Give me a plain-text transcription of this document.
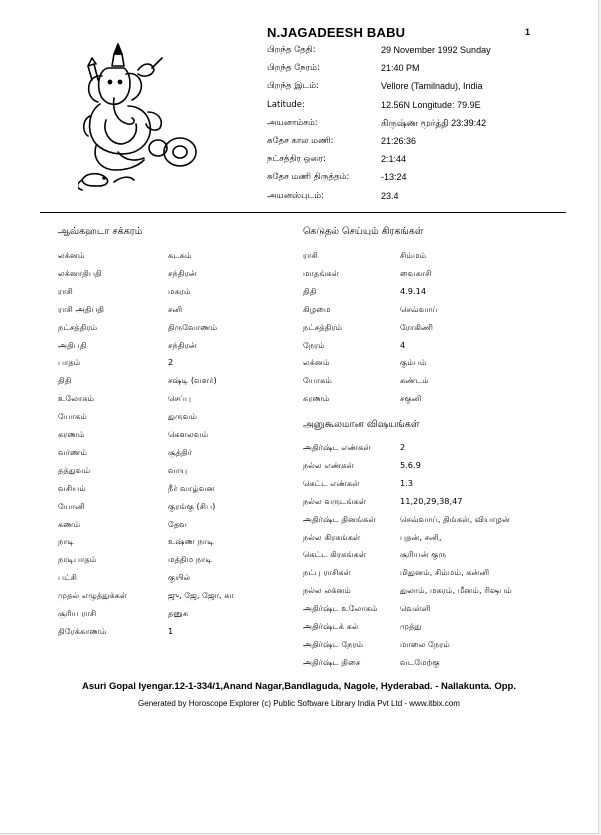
1
N.JAGADEESH BABU
பிறந்த தேதி:	29 November 1992 Sunday
பிறந்த நேரம்:	21:40 PM
பிறந்த இடம்:	Vellore (Tamilnadu), India
Latitude:	12.56N Longitude: 79.9E
அயனாம்சம்:	கிருஷ்ண மூர்த்தி 23:39:42
சுதேச கால மணி:	21:26:36
நட்சத்திர ஒரை:	2:1:44
சுதேச மணி திருத்தம்:	-13:24
அயனஸ்புடம்:	23.4
ஆவ்கஹடா சக்கரம்
லக்னம்	கடகம்
லக்னாதிபதி	சந்திரன்
ராசி	மகரம்
ராசி அதிபதி	சனி
நட்சத்திரம்	திருவோணம்
அதிபதி	சந்திரன்
பாதம்	2
திதி	சஷ்டி (வளர்)
உலோகம்	செப்பு
யோகம்	துருவம்
கரணம்	கௌலவம்
வர்ணம்	சூத்திர்
தத்துவம்	வாயு
வசியம்	நீர் வாழ்வன
யோனி	குரங்கு (சிப)
கணம்	தேவ
நாடி	உஷ்ண நாடி
நாடிபாதம்	மத்திம நாடி
பட்சி	குயில்
முதல் எழுத்துக்கள்	ஜு, ஜே, ஜோ, கா
சூரிய ராசி	தனுசு
திரேக்காணம்	1
கெடுதல் செய்யும் கிரகங்கள்
ராசி	சிம்மம்
மாதங்கள்	வைகாசி
திதி	4.9.14
கிழமை	செவ்வாய்
நட்சத்திரம்	ரோகிணி
நேரம்	4
லக்னம்	கும்பம்
யோகம்	கண்டம்
கரணம்	சகுனி
அனுகூலமான விஷயங்கள்
அதிர்ஷ்ட எண்கள்	2
நல்ல எண்கள்	5.6.9
கெட்ட எண்கள்	1.3
நல்ல வருடங்கள்	11,20,29,38,47
அதிர்ஷ்ட தினங்கள்	செவ்வாய், திங்கள், வியாழன்
நல்ல கிரகங்கள்	புதன், சனி,
கெட்ட கிரகங்கள்	சூரியன் குரு
நட்பு ராசிகள்	மிதுனம், சிம்மம், கன்னி
நல்ல லக்னம்	துலாம், மகரம், மீனம், ரிஷபம்
அதிர்ஷ்ட உலோகம்	வெள்ளி
அதிர்ஷ்டக் கல்	முத்து
அதிர்ஷ்ட நேரம்	மாலை நேரம்
அதிர்ஷ்ட திசை	வடமேற்கு
Asuri Gopal Iyengar.12-1-334/1,Anand Nagar,Bandlaguda, Nagole, Hyderabad. - Nallakunta. Opp.
Generated by Horoscope Explorer (c) Public Software Library India Pvt Ltd - www.itbix.com
